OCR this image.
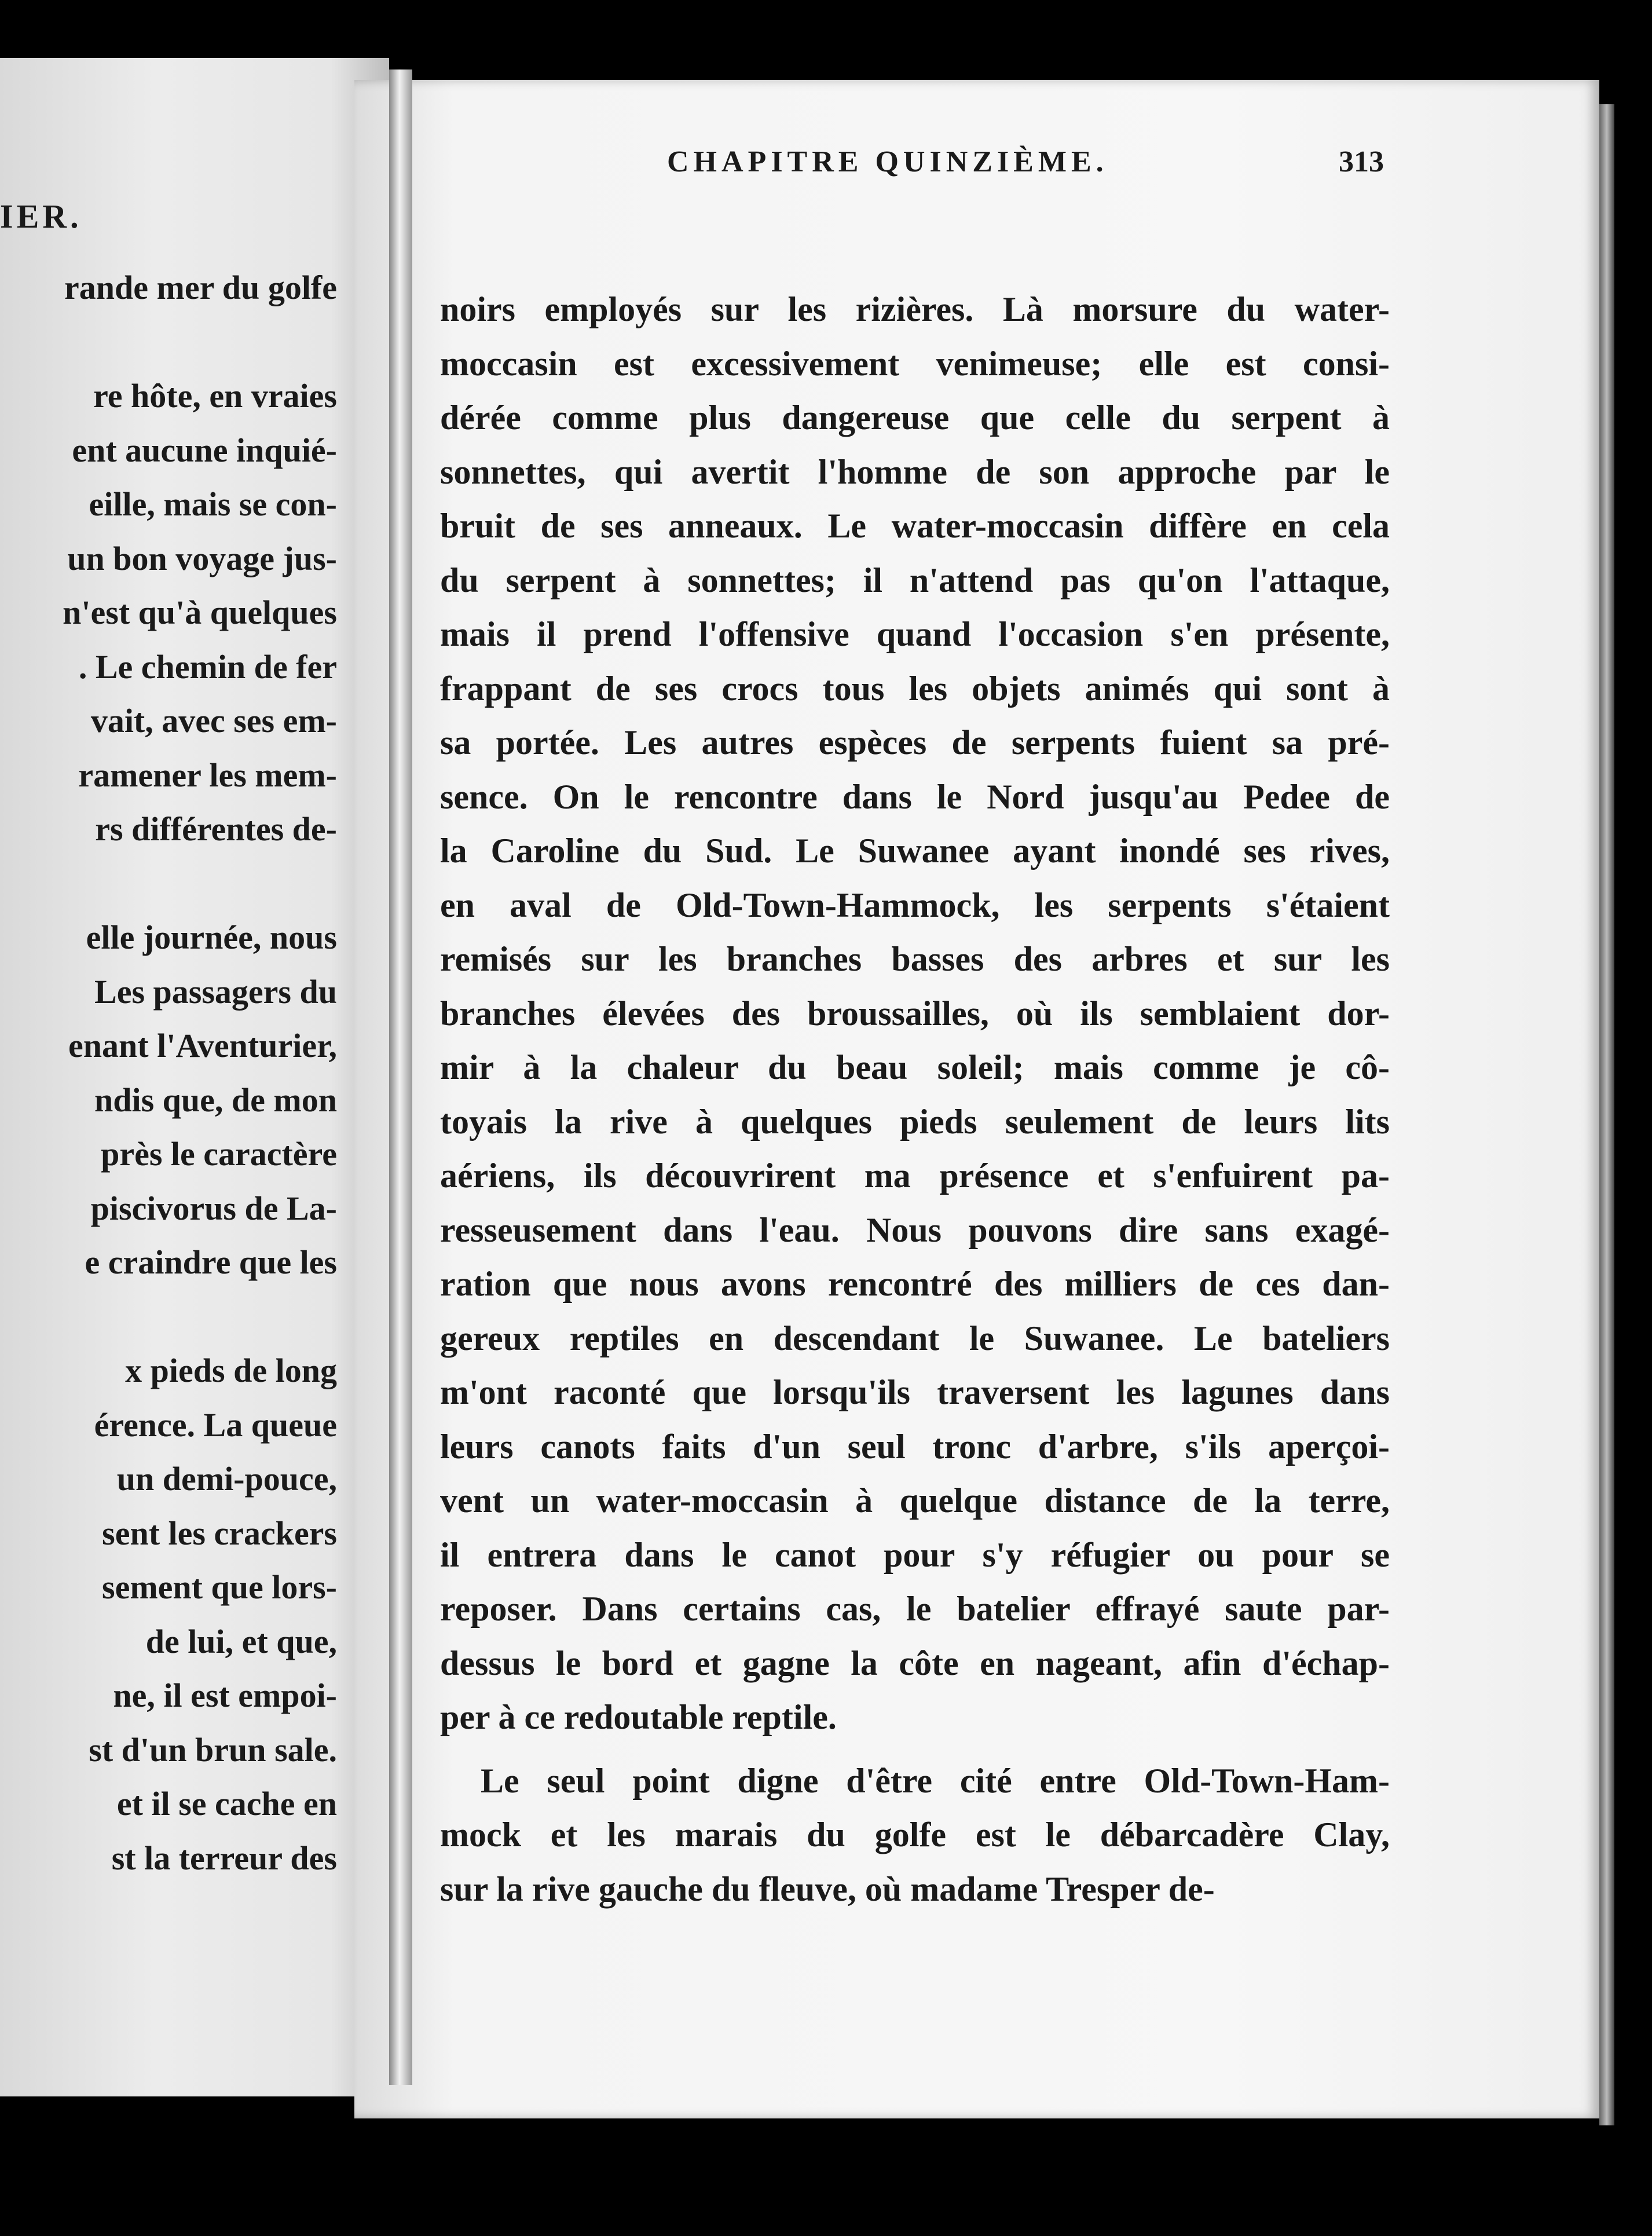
IER.
rande mer du golfe
re hôte, en vraies
ent aucune inquié-
eille, mais se con-
un bon voyage jus-
n'est qu'à quelques
. Le chemin de fer
vait, avec ses em-
ramener les mem-
rs différentes de-
elle journée, nous
Les passagers du
enant l'Aventurier,
ndis que, de mon
près le caractère
piscivorus de La-
e craindre que les
x pieds de long
érence. La queue
un demi-pouce,
sent les crackers
sement que lors-
de lui, et que,
ne, il est empoi-
st d'un brun sale.
et il se cache en
st la terreur des
CHAPITRE QUINZIÈME.	313
noirs employés sur les rizières. Là morsure du water-
moccasin est excessivement venimeuse; elle est consi-
dérée comme plus dangereuse que celle du serpent à
sonnettes, qui avertit l'homme de son approche par le
bruit de ses anneaux. Le water-moccasin diffère en cela
du serpent à sonnettes; il n'attend pas qu'on l'attaque,
mais il prend l'offensive quand l'occasion s'en présente,
frappant de ses crocs tous les objets animés qui sont à
sa portée. Les autres espèces de serpents fuient sa pré-
sence. On le rencontre dans le Nord jusqu'au Pedee de
la Caroline du Sud. Le Suwanee ayant inondé ses rives,
en aval de Old-Town-Hammock, les serpents s'étaient
remisés sur les branches basses des arbres et sur les
branches élevées des broussailles, où ils semblaient dor-
mir à la chaleur du beau soleil; mais comme je cô-
toyais la rive à quelques pieds seulement de leurs lits
aériens, ils découvrirent ma présence et s'enfuirent pa-
resseusement dans l'eau. Nous pouvons dire sans exagé-
ration que nous avons rencontré des milliers de ces dan-
gereux reptiles en descendant le Suwanee. Le bateliers
m'ont raconté que lorsqu'ils traversent les lagunes dans
leurs canots faits d'un seul tronc d'arbre, s'ils aperçoi-
vent un water-moccasin à quelque distance de la terre,
il entrera dans le canot pour s'y réfugier ou pour se
reposer. Dans certains cas, le batelier effrayé saute par-
dessus le bord et gagne la côte en nageant, afin d'échap-
per à ce redoutable reptile.
Le seul point digne d'être cité entre Old-Town-Ham-
mock et les marais du golfe est le débarcadère Clay,
sur la rive gauche du fleuve, où madame Tresper de-
